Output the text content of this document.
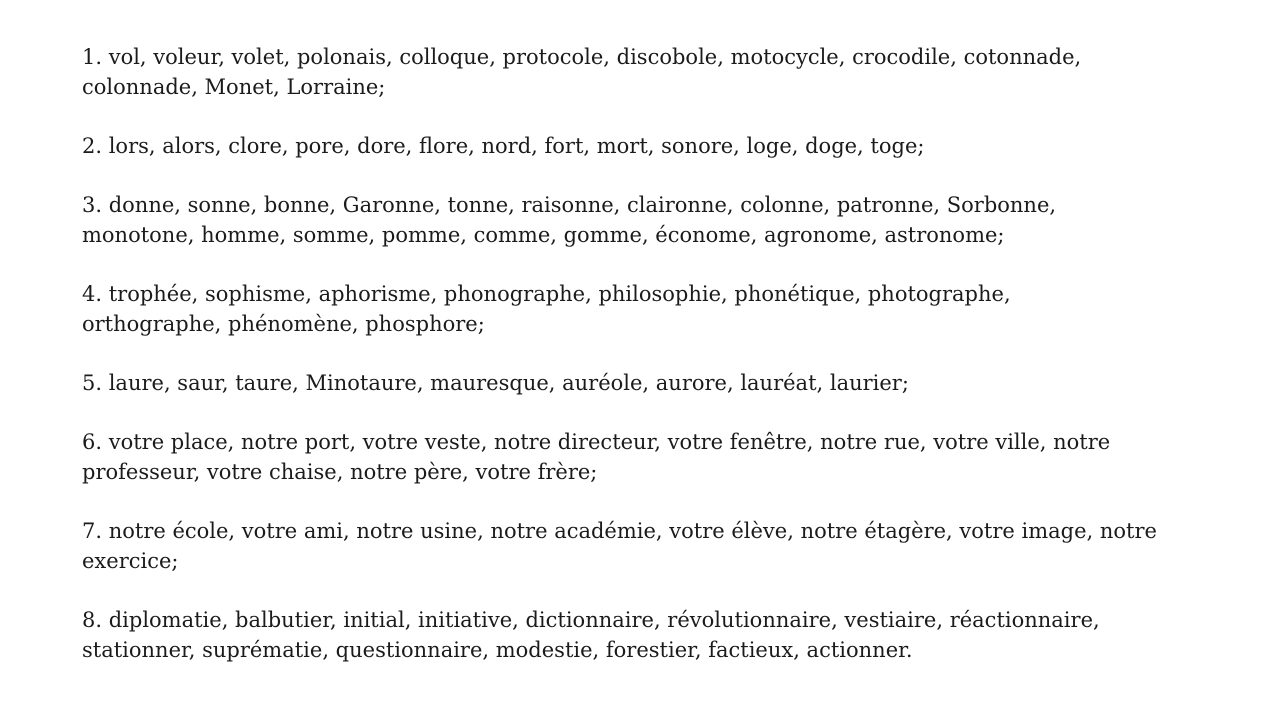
1. vol, voleur, volet, polonais, colloque, protocole, discobole, motocycle, crocodile, cotonnade,
colonnade, Monet, Lorraine;

2. lors, alors, clore, pore, dore, flore, nord, fort, mort, sonore, loge, doge, toge;

3. donne, sonne, bonne, Garonne, tonne, raisonne, claironne, colonne, patronne, Sorbonne,
monotone, homme, somme, pomme, comme, gomme, économe, agronome, astronome;

4. trophée, sophisme, aphorisme, phonographe, philosophie, phonétique, photographe,
orthographe, phénomène, phosphore;

5. laure, saur, taure, Minotaure, mauresque, auréole, aurore, lauréat, laurier;

6. votre place, notre port, votre veste, notre directeur, votre fenêtre, notre rue, votre ville, notre
professeur, votre chaise, notre père, votre frère;

7. notre école, votre ami, notre usine, notre académie, votre élève, notre étagère, votre image, notre
exercice;

8. diplomatie, balbutier, initial, initiative, dictionnaire, révolutionnaire, vestiaire, réactionnaire,
stationner, suprématie, questionnaire, modestie, forestier, factieux, actionner.
